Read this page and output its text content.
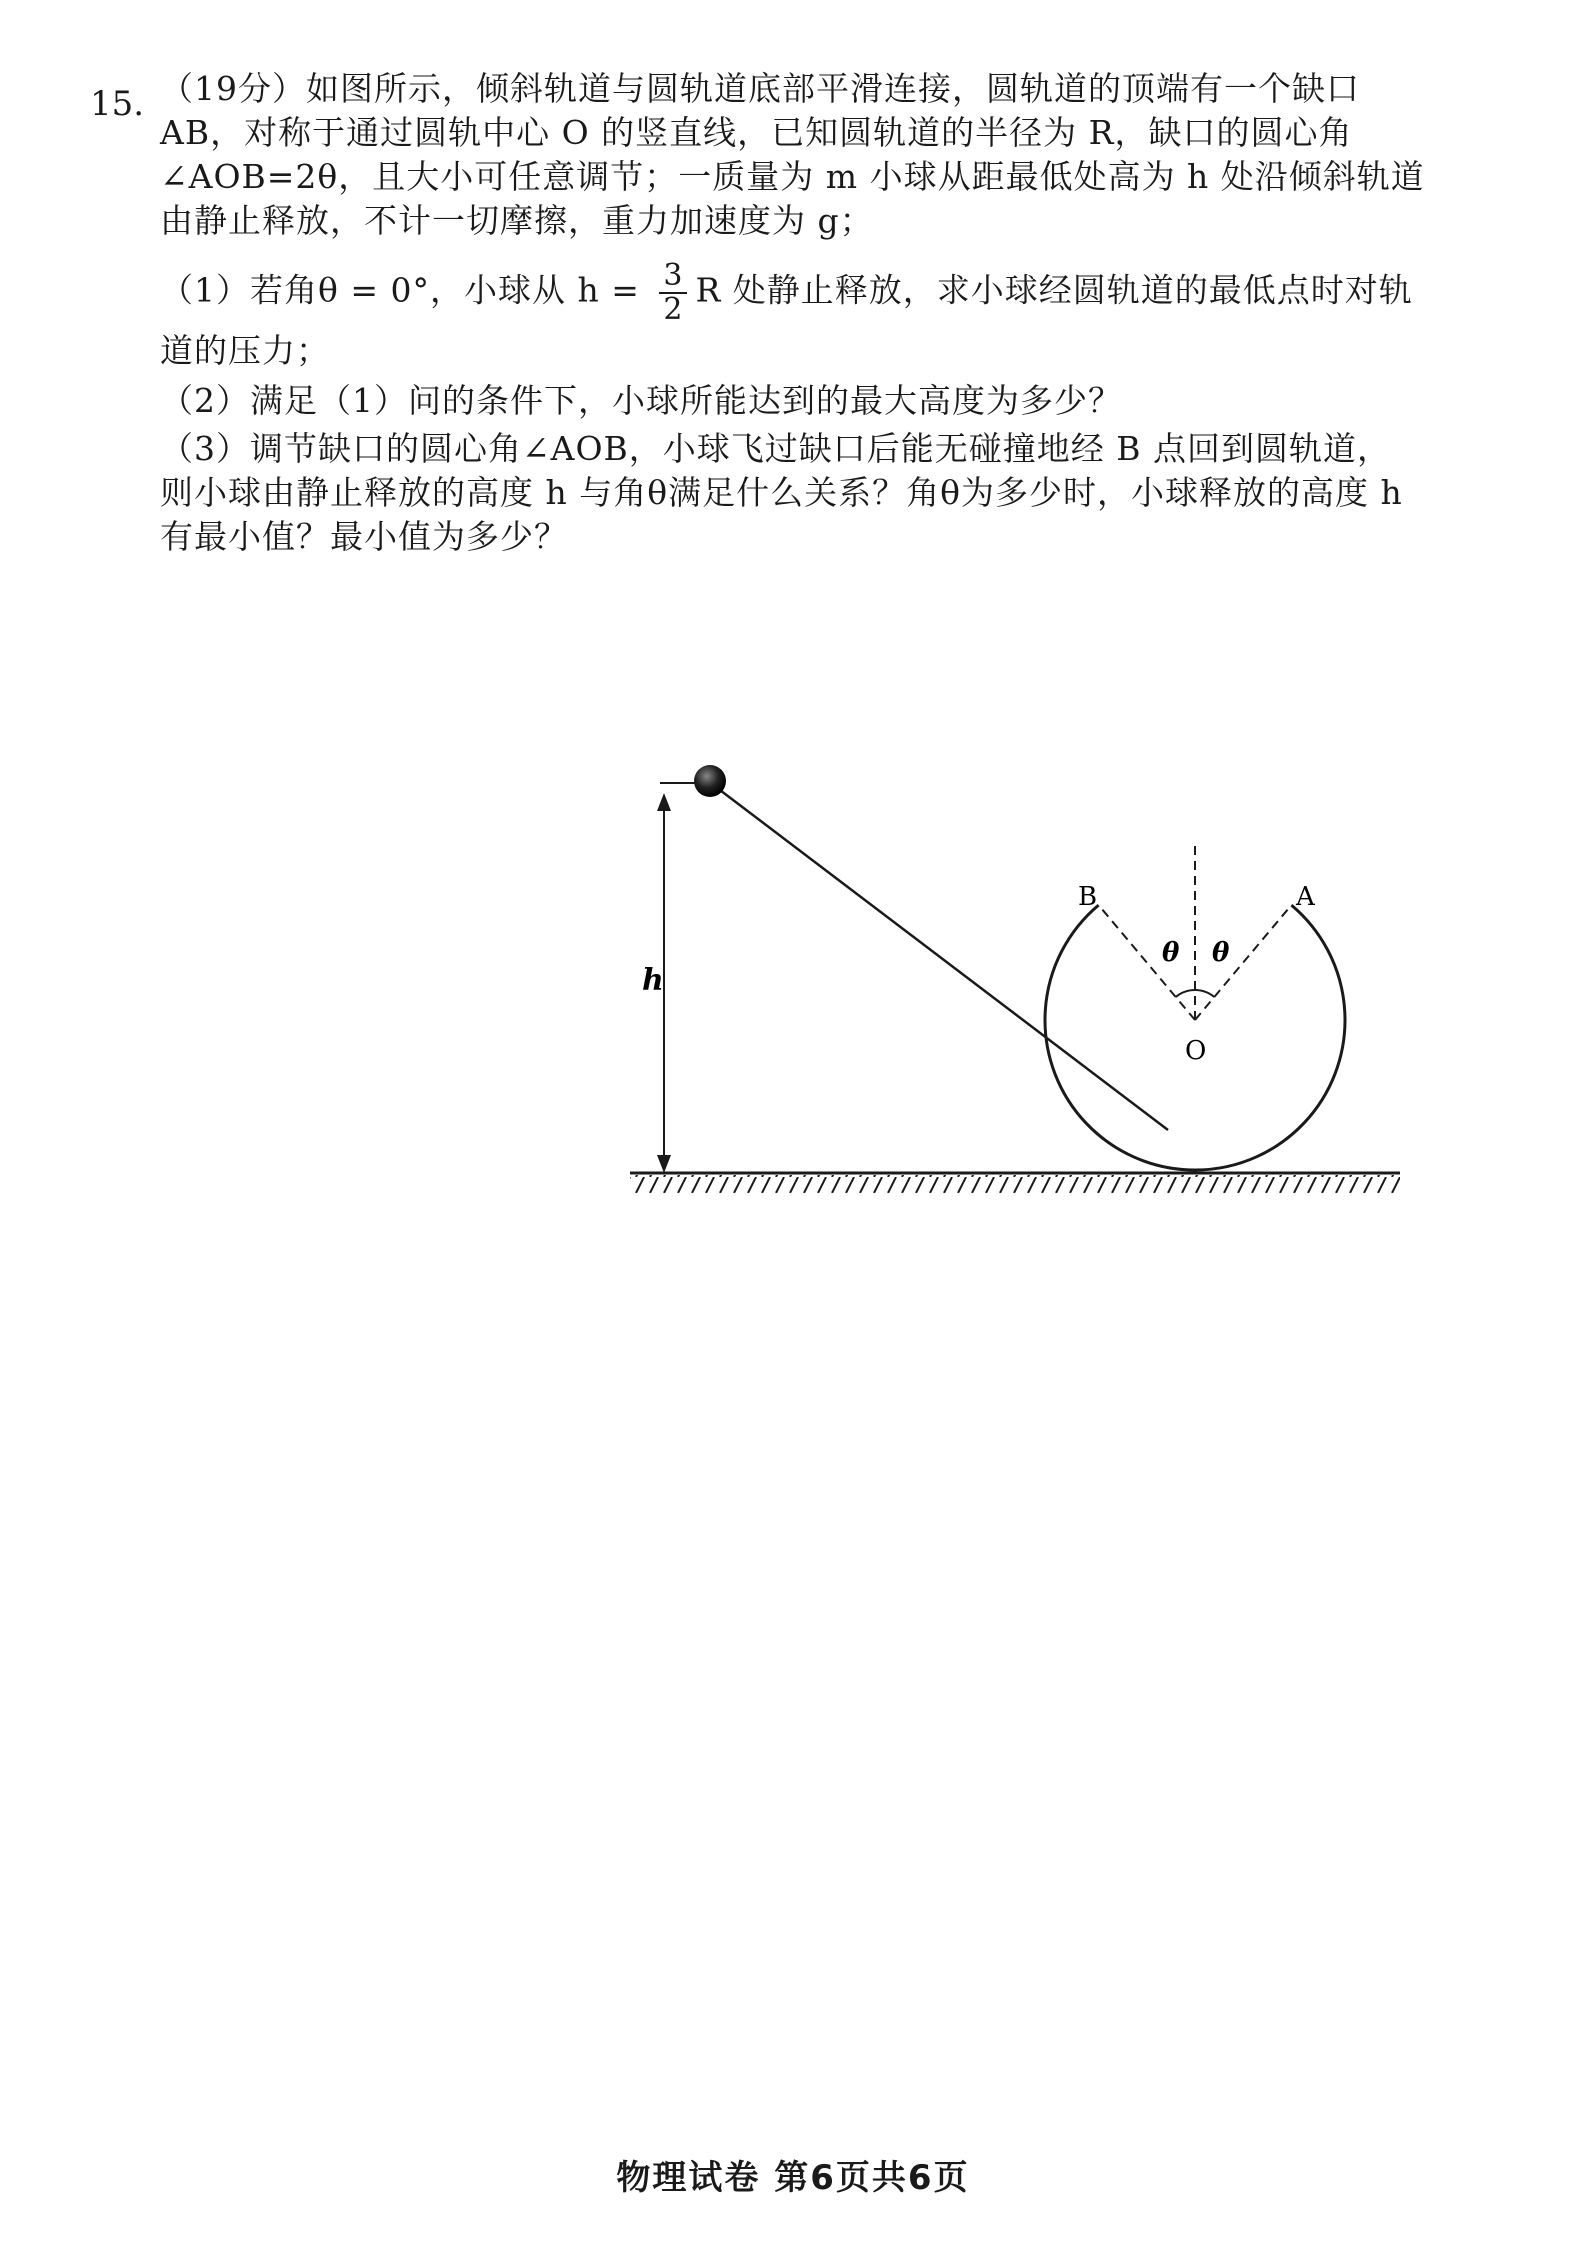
15. （19分）如图所示，倾斜轨道与圆轨道底部平滑连接，圆轨道的顶端有一个缺口
AB，对称于通过圆轨中心 O 的竖直线，已知圆轨道的半径为 R，缺口的圆心角
∠AOB=2θ，且大小可任意调节；一质量为 m 小球从距最低处高为 h 处沿倾斜轨道
由静止释放，不计一切摩擦，重力加速度为 g；
（1）若角θ = 0°，小球从 $h = \frac{3}{2}$ R 处静止释放，求小球经圆轨道的最低点时对轨
道的压力；
（2）满足（1）问的条件下，小球所能达到的最大高度为多少？
（3）调节缺口的圆心角∠AOB，小球飞过缺口后能无碰撞地经 B 点回到圆轨道，
则小球由静止释放的高度 h 与角θ满足什么关系？角θ为多少时，小球释放的高度 h
有最小值？最小值为多少？
h
B	A
O
θ θ
物理试卷 第6页共6页
